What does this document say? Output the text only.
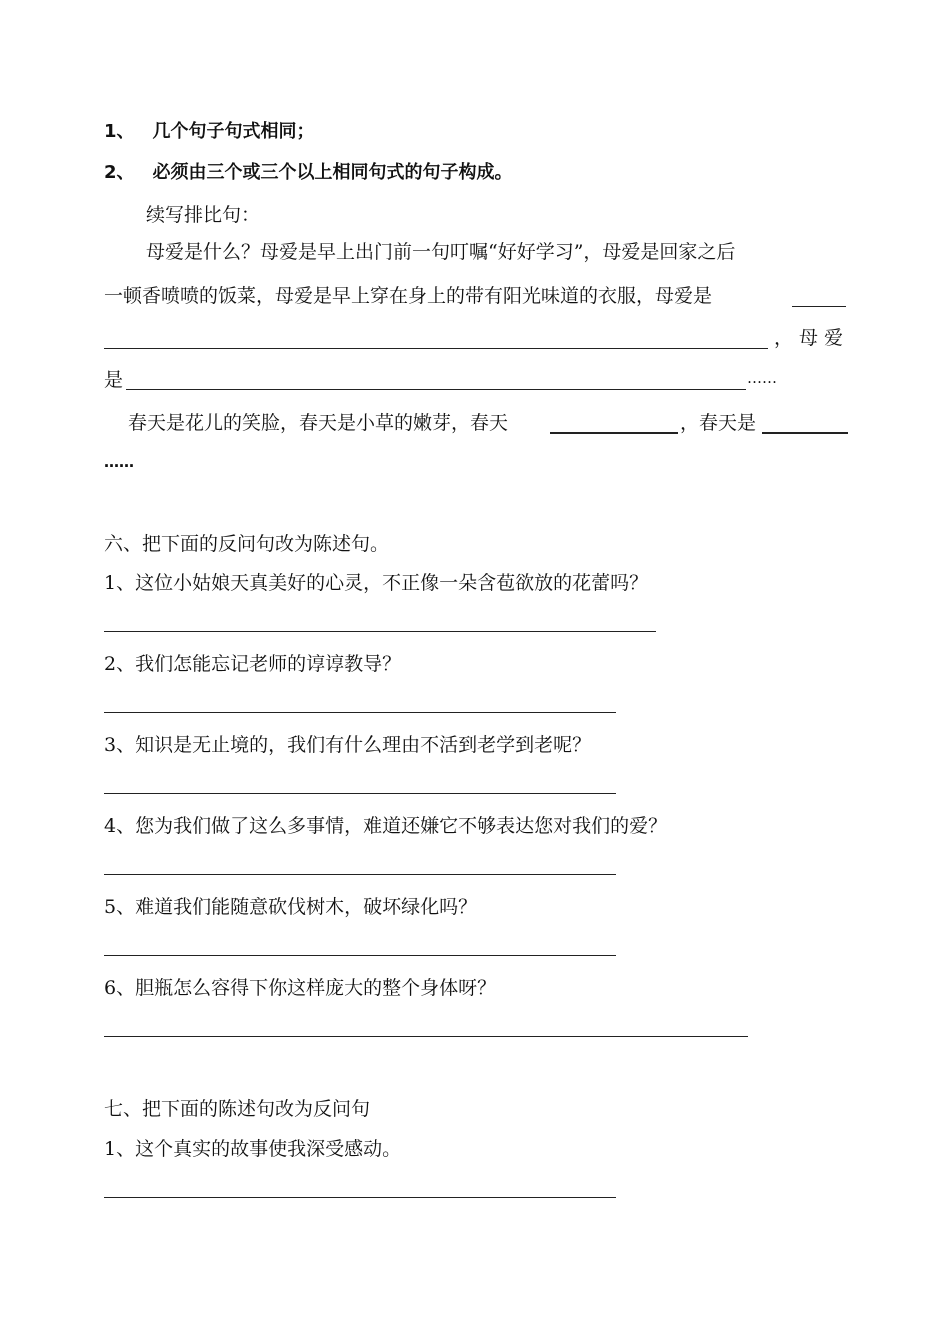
1、 几个句子句式相同；
2、 必须由三个或三个以上相同句式的句子构成。
续写排比句：
母爱是什么？母爱是早上出门前一句叮嘱“好好学习”，母爱是回家之后
一顿香喷喷的饭菜，母爱是早上穿在身上的带有阳光味道的衣服，母爱是
，母爱
是	……
春天是花儿的笑脸，春天是小草的嫩芽，春天	，春天是
……
六、把下面的反问句改为陈述句。
1、这位小姑娘天真美好的心灵，不正像一朵含苞欲放的花蕾吗？
2、我们怎能忘记老师的谆谆教导？
3、知识是无止境的，我们有什么理由不活到老学到老呢？
4、您为我们做了这么多事情，难道还嫌它不够表达您对我们的爱？
5、难道我们能随意砍伐树木，破坏绿化吗？
6、胆瓶怎么容得下你这样庞大的整个身体呀？
七、把下面的陈述句改为反问句
1、这个真实的故事使我深受感动。
